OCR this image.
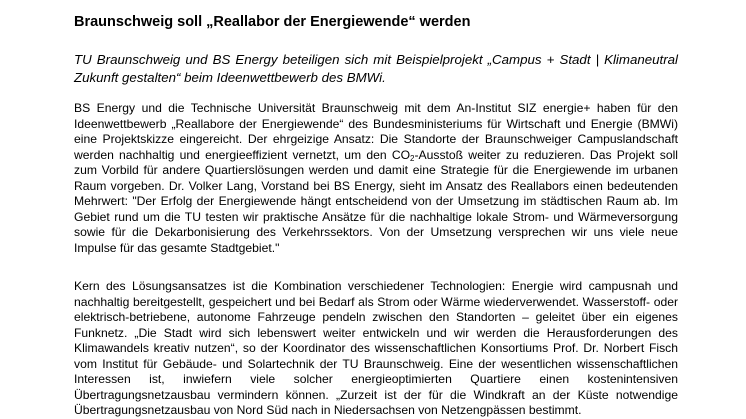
Braunschweig soll „Reallabor der Energiewende“ werden
TU Braunschweig und BS Energy beteiligen sich mit Beispielprojekt „Campus + Stadt | Klimaneutral Zukunft gestalten“ beim Ideenwettbewerb des BMWi.
BS Energy und die Technische Universität Braunschweig mit dem An-Institut SIZ energie+ haben für den Ideenwettbewerb „Reallabore der Energiewende“ des Bundesministeriums für Wirtschaft und Energie (BMWi) eine Projektskizze eingereicht. Der ehrgeizige Ansatz: Die Standorte der Braunschweiger Campuslandschaft werden nachhaltig und energieeffizient vernetzt, um den $CO_2$-Ausstoß weiter zu reduzieren. Das Projekt soll zum Vorbild für andere Quartierslösungen werden und damit eine Strategie für die Energiewende im urbanen Raum vorgeben. Dr. Volker Lang, Vorstand bei BS Energy, sieht im Ansatz des Reallabors einen bedeutenden Mehrwert: "Der Erfolg der Energiewende hängt entscheidend von der Umsetzung im städtischen Raum ab. Im Gebiet rund um die TU testen wir praktische Ansätze für die nachhaltige lokale Strom- und Wärmeversorgung sowie für die Dekarbonisierung des Verkehrssektors. Von der Umsetzung versprechen wir uns viele neue Impulse für das gesamte Stadtgebiet."
Kern des Lösungsansatzes ist die Kombination verschiedener Technologien: Energie wird campusnah und nachhaltig bereitgestellt, gespeichert und bei Bedarf als Strom oder Wärme wiederverwendet. Wasserstoff- oder elektrisch-betriebene, autonome Fahrzeuge pendeln zwischen den Standorten – geleitet über ein eigenes Funknetz. „Die Stadt wird sich lebenswert weiter entwickeln und wir werden die Herausforderungen des Klimawandels kreativ nutzen“, so der Koordinator des wissenschaftlichen Konsortiums Prof. Dr. Norbert Fisch vom Institut für Gebäude- und Solartechnik der TU Braunschweig. Eine der wesentlichen wissenschaftlichen Interessen ist, inwiefern viele solcher energieoptimierten Quartiere einen kostenintensiven Übertragungsnetzausbau vermindern können. „Zurzeit ist der für die Windkraft an der Küste notwendige Übertragungsnetzausbau von Nord Süd nach in Niedersachsen von Netzengpässen bestimmt.
